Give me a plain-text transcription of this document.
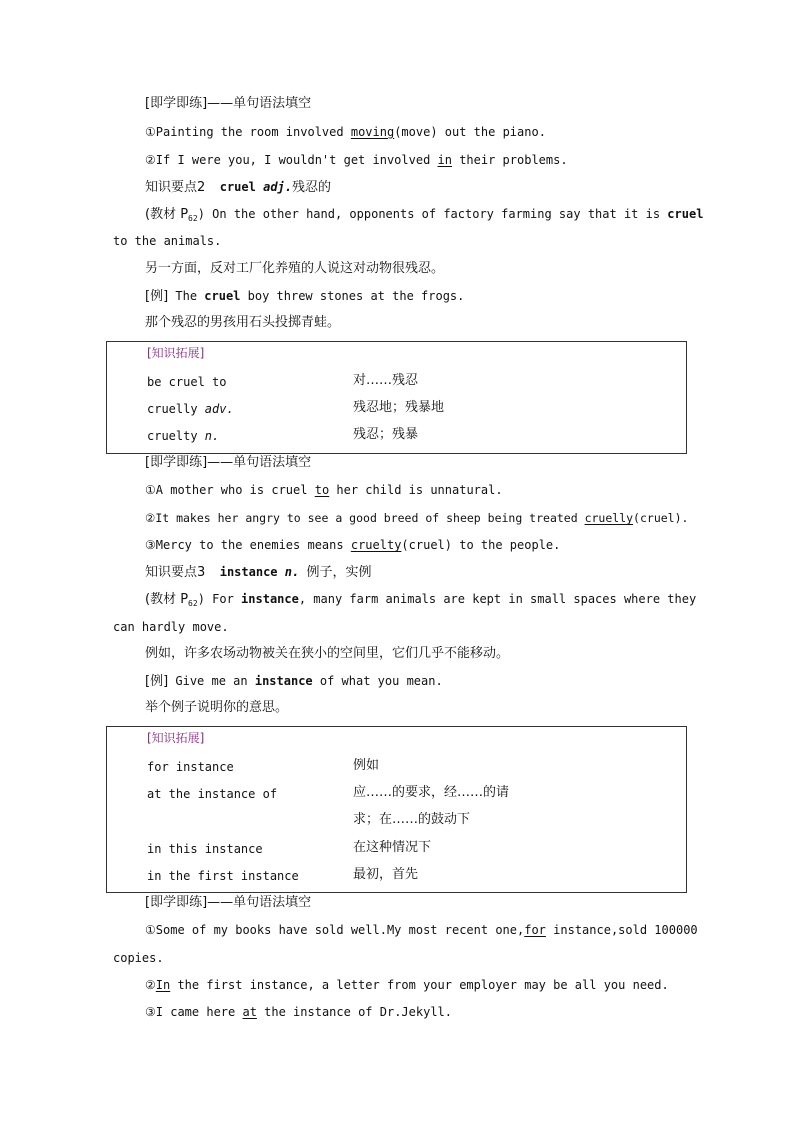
[即学即练]——单句语法填空
①Painting the room involved moving(move) out the piano.
②If I were you, I wouldn't get involved in their problems.
知识要点2 cruel adj.残忍的
(教材 $P_{62}$) On the other hand, opponents of factory farming say that it is cruel
to the animals.
另一方面，反对工厂化养殖的人说这对动物很残忍。
[例] The cruel boy threw stones at the frogs.
那个残忍的男孩用石头投掷青蛙。
[知识拓展]
be cruel to	对……残忍
cruelly adv.	残忍地；残暴地
cruelty n.	残忍；残暴
[即学即练]——单句语法填空
①A mother who is cruel to her child is unnatural.
②It makes her angry to see a good breed of sheep being treated cruelly(cruel).
③Mercy to the enemies means cruelty(cruel) to the people.
知识要点3 instance n. 例子，实例
(教材 $P_{62}$) For instance, many farm animals are kept in small spaces where they
can hardly move.
例如，许多农场动物被关在狭小的空间里，它们几乎不能移动。
[例] Give me an instance of what you mean.
举个例子说明你的意思。
[知识拓展]
for instance	例如
at the instance of	应……的要求，经……的请
求；在……的鼓动下
in this instance	在这种情况下
in the first instance	最初，首先
[即学即练]——单句语法填空
①Some of my books have sold well.My most recent one,for instance,sold 100000
copies.
②In the first instance, a letter from your employer may be all you need.
③I came here at the instance of Dr.Jekyll.
